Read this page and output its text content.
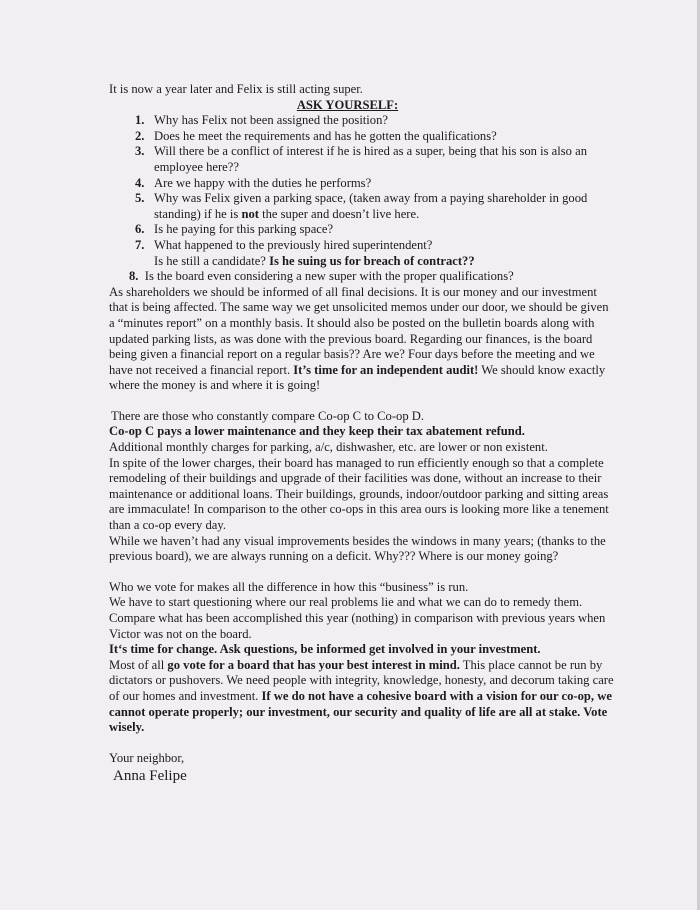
It is now a year later and Felix is still acting super.

ASK YOURSELF:

1. Why has Felix not been assigned the position?
2. Does he meet the requirements and has he gotten the qualifications?
3. Will there be a conflict of interest if he is hired as a super, being that his son is also an employee here??
4. Are we happy with the duties he performs?
5. Why was Felix given a parking space, (taken away from a paying shareholder in good standing) if he is not the super and doesn’t live here.
6. Is he paying for this parking space?
7. What happened to the previously hired superintendent?
Is he still a candidate? Is he suing us for breach of contract??

8. Is the board even considering a new super with the proper qualifications?

As shareholders we should be informed of all final decisions. It is our money and our investment that is being affected. The same way we get unsolicited memos under our door, we should be given a “minutes report” on a monthly basis. It should also be posted on the bulletin boards along with updated parking lists, as was done with the previous board. Regarding our finances, is the board being given a financial report on a regular basis?? Are we? Four days before the meeting and we have not received a financial report. It’s time for an independent audit! We should know exactly where the money is and where it is going!

There are those who constantly compare Co-op C to Co-op D.

Co-op C pays a lower maintenance and they keep their tax abatement refund.

Additional monthly charges for parking, a/c, dishwasher, etc. are lower or non existent.

In spite of the lower charges, their board has managed to run efficiently enough so that a complete remodeling of their buildings and upgrade of their facilities was done, without an increase to their maintenance or additional loans. Their buildings, grounds, indoor/outdoor parking and sitting areas are immaculate! In comparison to the other co-ops in this area ours is looking more like a tenement than a co-op every day.

While we haven’t had any visual improvements besides the windows in many years; (thanks to the previous board), we are always running on a deficit. Why??? Where is our money going?

Who we vote for makes all the difference in how this “business” is run.

We have to start questioning where our real problems lie and what we can do to remedy them. Compare what has been accomplished this year (nothing) in comparison with previous years when Victor was not on the board.

It‘s time for change. Ask questions, be informed get involved in your investment.

Most of all go vote for a board that has your best interest in mind. This place cannot be run by dictators or pushovers. We need people with integrity, knowledge, honesty, and decorum taking care of our homes and investment. If we do not have a cohesive board with a vision for our co-op, we cannot operate properly; our investment, our security and quality of life are all at stake. Vote wisely.

Your neighbor,

Anna Felipe
